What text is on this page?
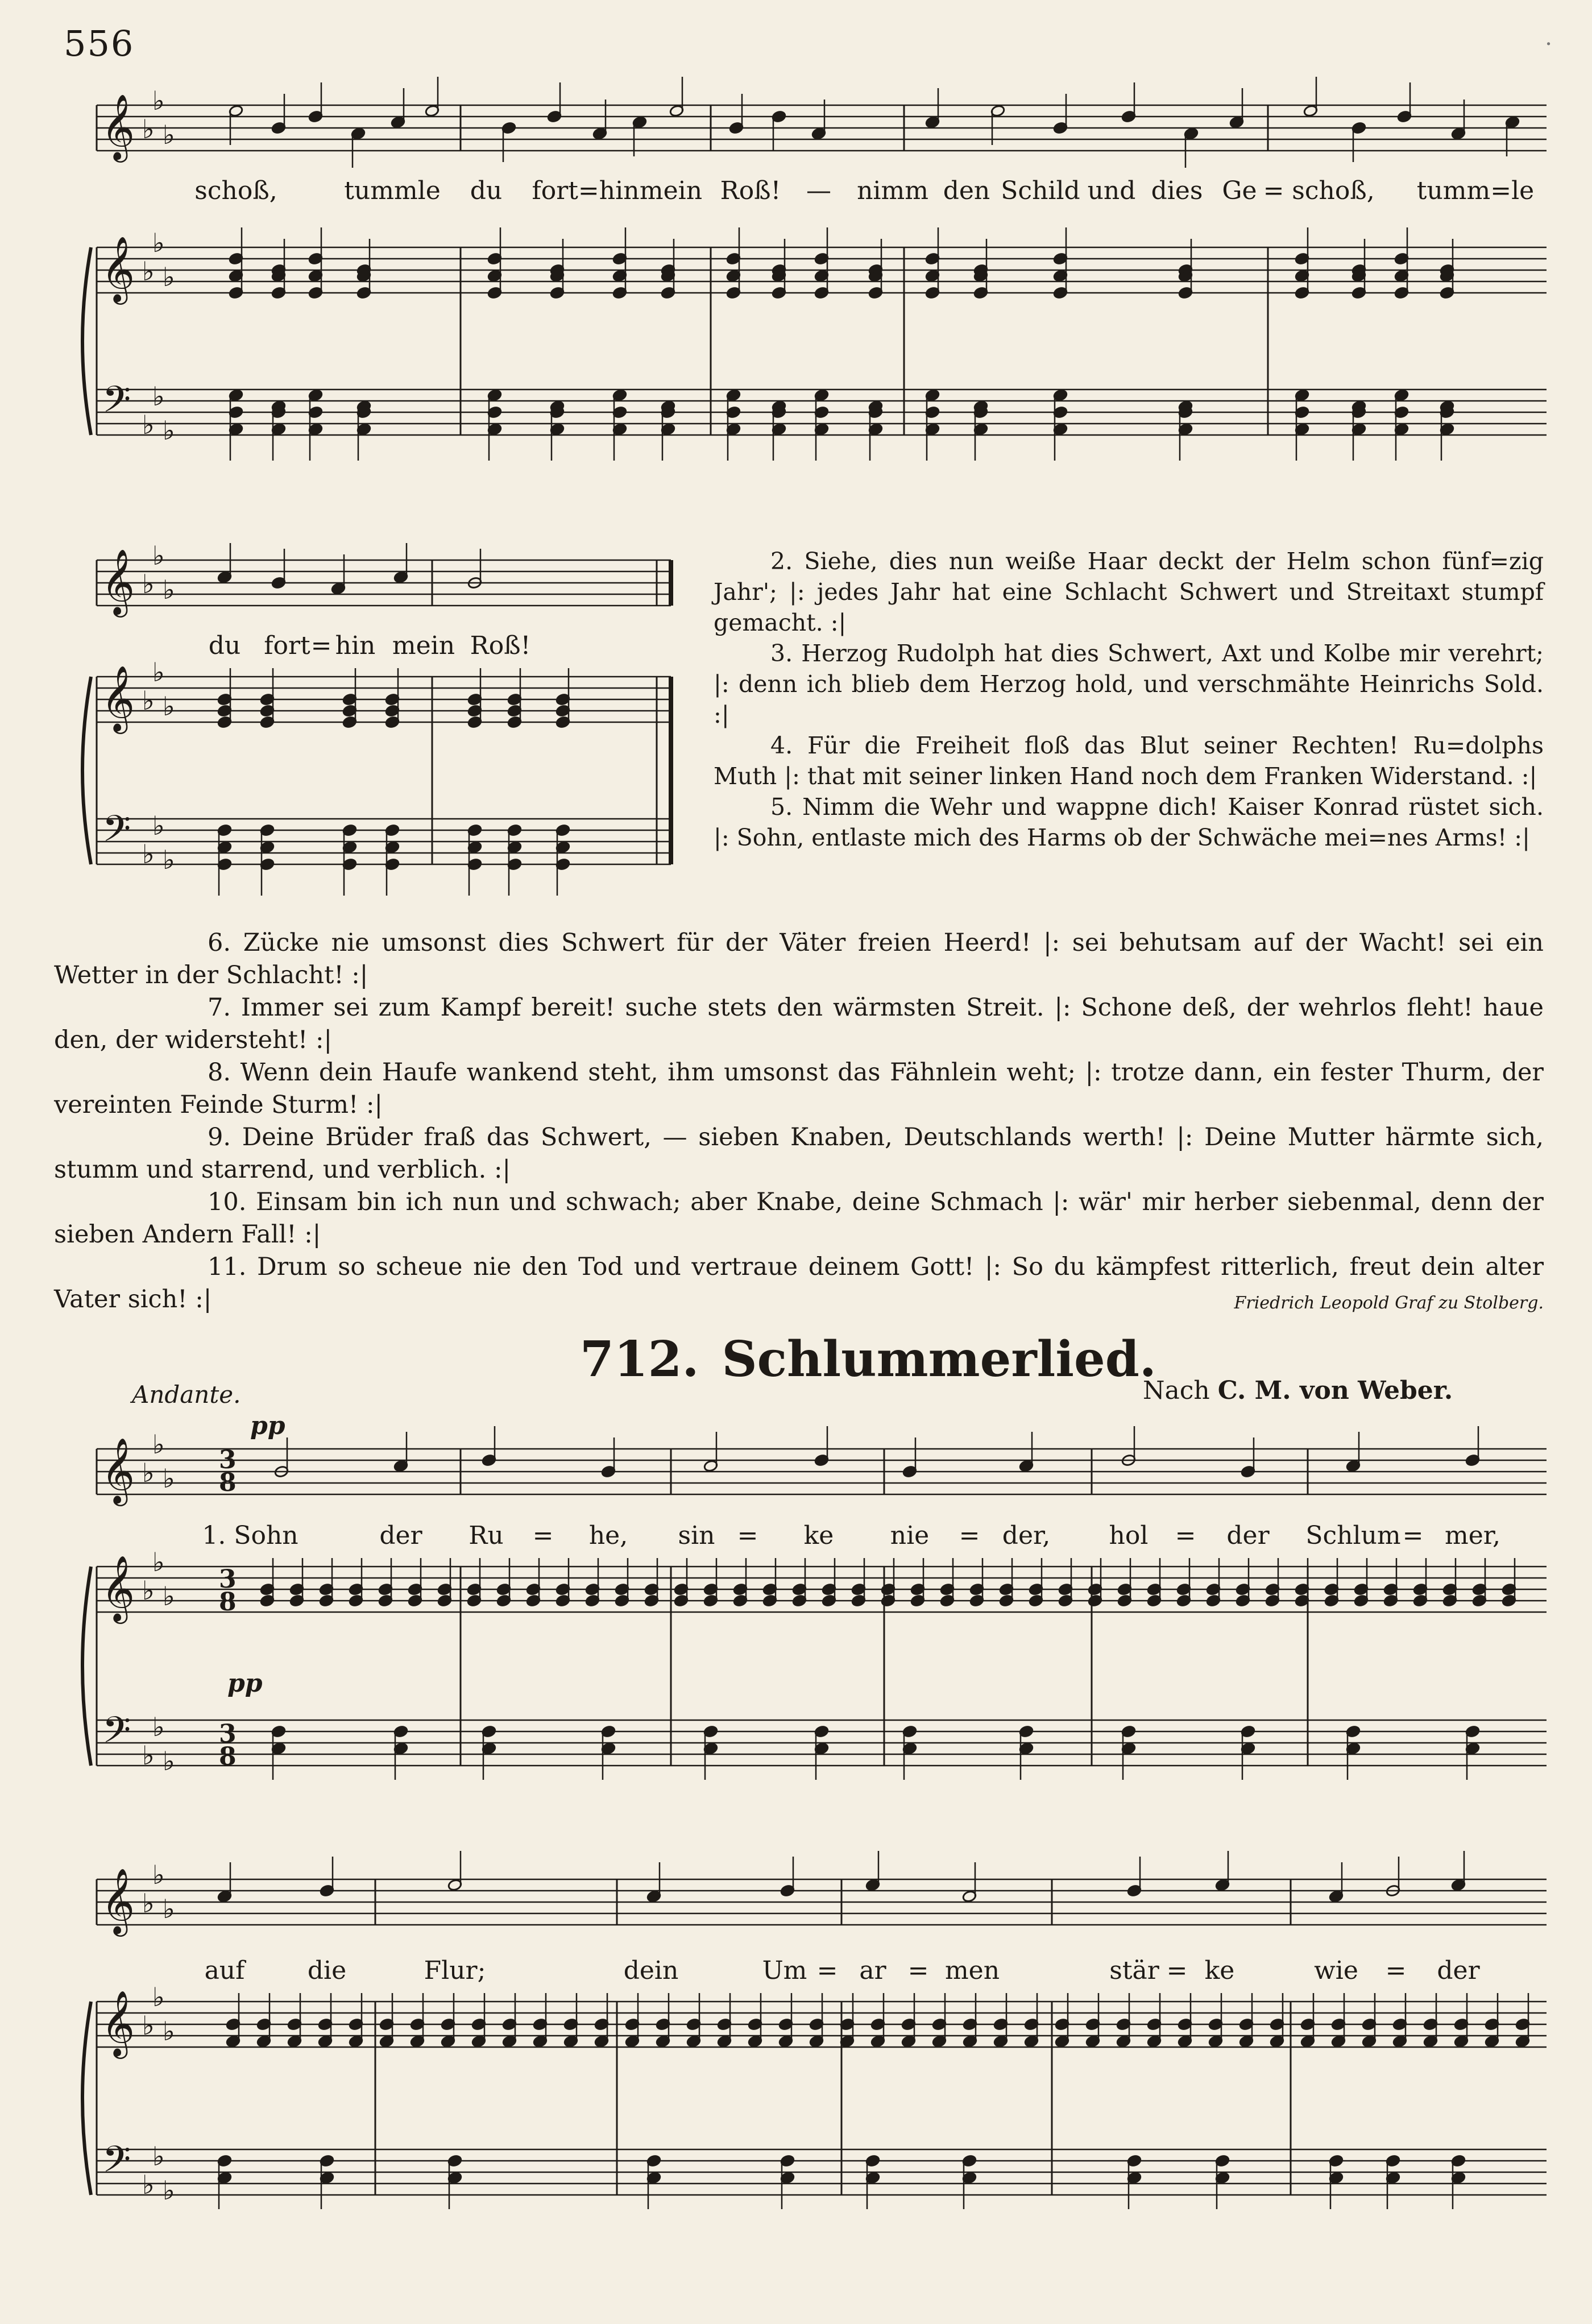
556	·
𝄞
𝄞
𝄢
♭
♭
♭
♭
♭
♭
♭
♭
♭
𝄞
𝄞
𝄢
♭
♭
♭
♭
♭
♭
♭
♭
♭
𝄞
𝄞
𝄢
♭
♭
♭
♭
♭
♭
♭
♭
♭
𝄞
𝄞
𝄢
♭
♭
♭
♭
♭
♭
♭
♭
♭
schoß,	tummle du fort=hin mein Roß! — nimm den Schild und dies Ge = schoß, tumm=le
du fort = hin mein Roß!

2. Siehe, dies nun weiße Haar deckt der Helm schon fünf=zig Jahr'; |: jedes Jahr hat eine Schlacht Schwert und Streitaxt stumpf gemacht. :|

3. Herzog Rudolph hat dies Schwert, Axt und Kolbe mir verehrt; |: denn ich blieb dem Herzog hold, und verschmähte Heinrichs Sold. :|

4. Für die Freiheit floß das Blut seiner Rechten! Ru=dolphs Muth |: that mit seiner linken Hand noch dem Franken Widerstand. :|

5. Nimm die Wehr und wappne dich! Kaiser Konrad rüstet sich. |: Sohn, entlaste mich des Harms ob der Schwäche mei=nes Arms! :|

6. Zücke nie umsonst dies Schwert für der Väter freien Heerd! |: sei behutsam auf der Wacht! sei ein Wetter in der Schlacht! :|

7. Immer sei zum Kampf bereit! suche stets den wärmsten Streit. |: Schone deß, der wehrlos fleht! haue den, der widersteht! :|

8. Wenn dein Haufe wankend steht, ihm umsonst das Fähnlein weht; |: trotze dann, ein fester Thurm, der vereinten Feinde Sturm! :|

9. Deine Brüder fraß das Schwert, — sieben Knaben, Deutschlands werth! |: Deine Mutter härmte sich, stumm und starrend, und verblich. :|

10. Einsam bin ich nun und schwach; aber Knabe, deine Schmach |: wär' mir herber siebenmal, denn der sieben Andern Fall! :|

11. Drum so scheue nie den Tod und vertraue deinem Gott! |: So du kämpfest ritterlich, freut dein alter Vater sich! :|	Friedrich Leopold Graf zu Stolberg.

712. Schlummerlied.
Nach C. M. von Weber.
Andante.
pp
pp
3
8
3
8
3
8
1. Sohn	der Ru = he, sin = ke nie = der, hol = der Schlum = mer,
auf	die	Flur;	dein	Um = ar = men	stär = ke	wie = der
